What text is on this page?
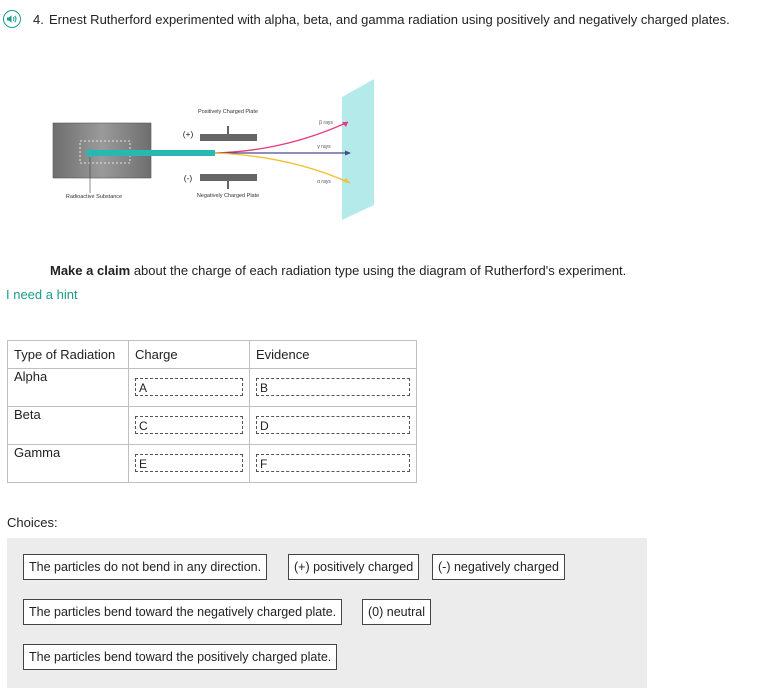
4. Ernest Rutherford experimented with alpha, beta, and gamma radiation using positively and negatively charged plates.
Radioactive Substance
Positively Charged Plate
(+)
Negatively Charged Plate
(-)
β rays
γ rays
α rays
Make a claim about the charge of each radiation type using the diagram of Rutherford's experiment.
I need a hint
Type of Radiation	Charge	Evidence
Alpha	A	B

Beta	C	D

Gamma	E	F
Choices:
The particles do not bend in any direction.	(+) positively charged	(-) negatively charged
The particles bend toward the negatively charged plate.	(0) neutral
The particles bend toward the positively charged plate.
